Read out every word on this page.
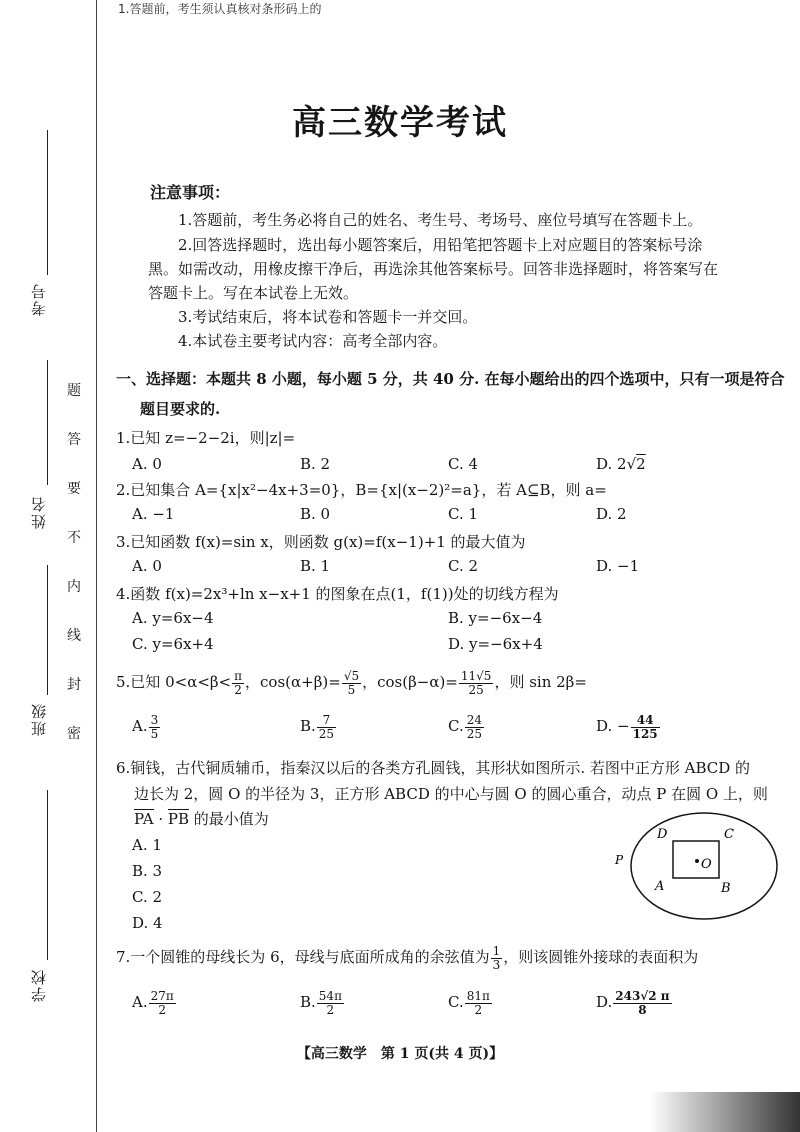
1.答题前，考生须认真核对条形码上的
考号
姓名
班级
学校
题
答
要
不
内
线
封
密
高三数学考试
注意事项：
1.答题前，考生务必将自己的姓名、考生号、考场号、座位号填写在答题卡上。
2.回答选择题时，选出每小题答案后，用铅笔把答题卡上对应题目的答案标号涂
黑。如需改动，用橡皮擦干净后，再选涂其他答案标号。回答非选择题时，将答案写在
答题卡上。写在本试卷上无效。
3.考试结束后，将本试卷和答题卡一并交回。
4.本试卷主要考试内容：高考全部内容。
一、选择题：本题共 8 小题，每小题 5 分，共 40 分. 在每小题给出的四个选项中，只有一项是符合
题目要求的.
1.已知 z=−2−2i，则|z|=
A. 0	B. 2	C. 4	D. 2√2
2.已知集合 A={x|x²−4x+3=0}，B={x|(x−2)²=a}，若 A⊆B，则 a=
A. −1	B. 0	C. 1	D. 2
3.已知函数 f(x)=sin x，则函数 g(x)=f(x−1)+1 的最大值为
A. 0	B. 1	C. 2	D. −1
4.函数 f(x)=2x³+ln x−x+1 的图象在点(1，f(1))处的切线方程为
A. y=6x−4	B. y=−6x−4
C. y=6x+4	D. y=−6x+4
5.已知 $0<\alpha<\beta< \frac{\pi}{2}$ ，$\cos(\alpha+\beta)= \frac{√5}{5}$ ，$\cos(\beta-\alpha)= \frac{11√5}{25}$ ，则 sin 2β=
A. $\frac{3}{5}$	B. $\frac{7}{25}$	C. $\frac{24}{25}$	D. − $\frac{44}{125}$
6.铜钱，古代铜质辅币，指秦汉以后的各类方孔圆钱，其形状如图所示. 若图中正方形 ABCD 的
边长为 2，圆 O 的半径为 3，正方形 ABCD 的中心与圆 O 的圆心重合，动点 P 在圆 O 上，则
PA · PB 的最小值为
A. 1
B. 3
C. 2
D. 4
D	C
A	B
O
P
7.一个圆锥的母线长为 6，母线与底面所成角的余弦值为 $\frac{1}{3}$ ，则该圆锥外接球的表面积为
A. $\frac{27\pi}{2}$	B. $\frac{54\pi}{2}$	C. $\frac{81\pi}{2}$	D. $\frac{243√2 \pi}{8}$
【高三数学　第 1 页(共 4 页)】
